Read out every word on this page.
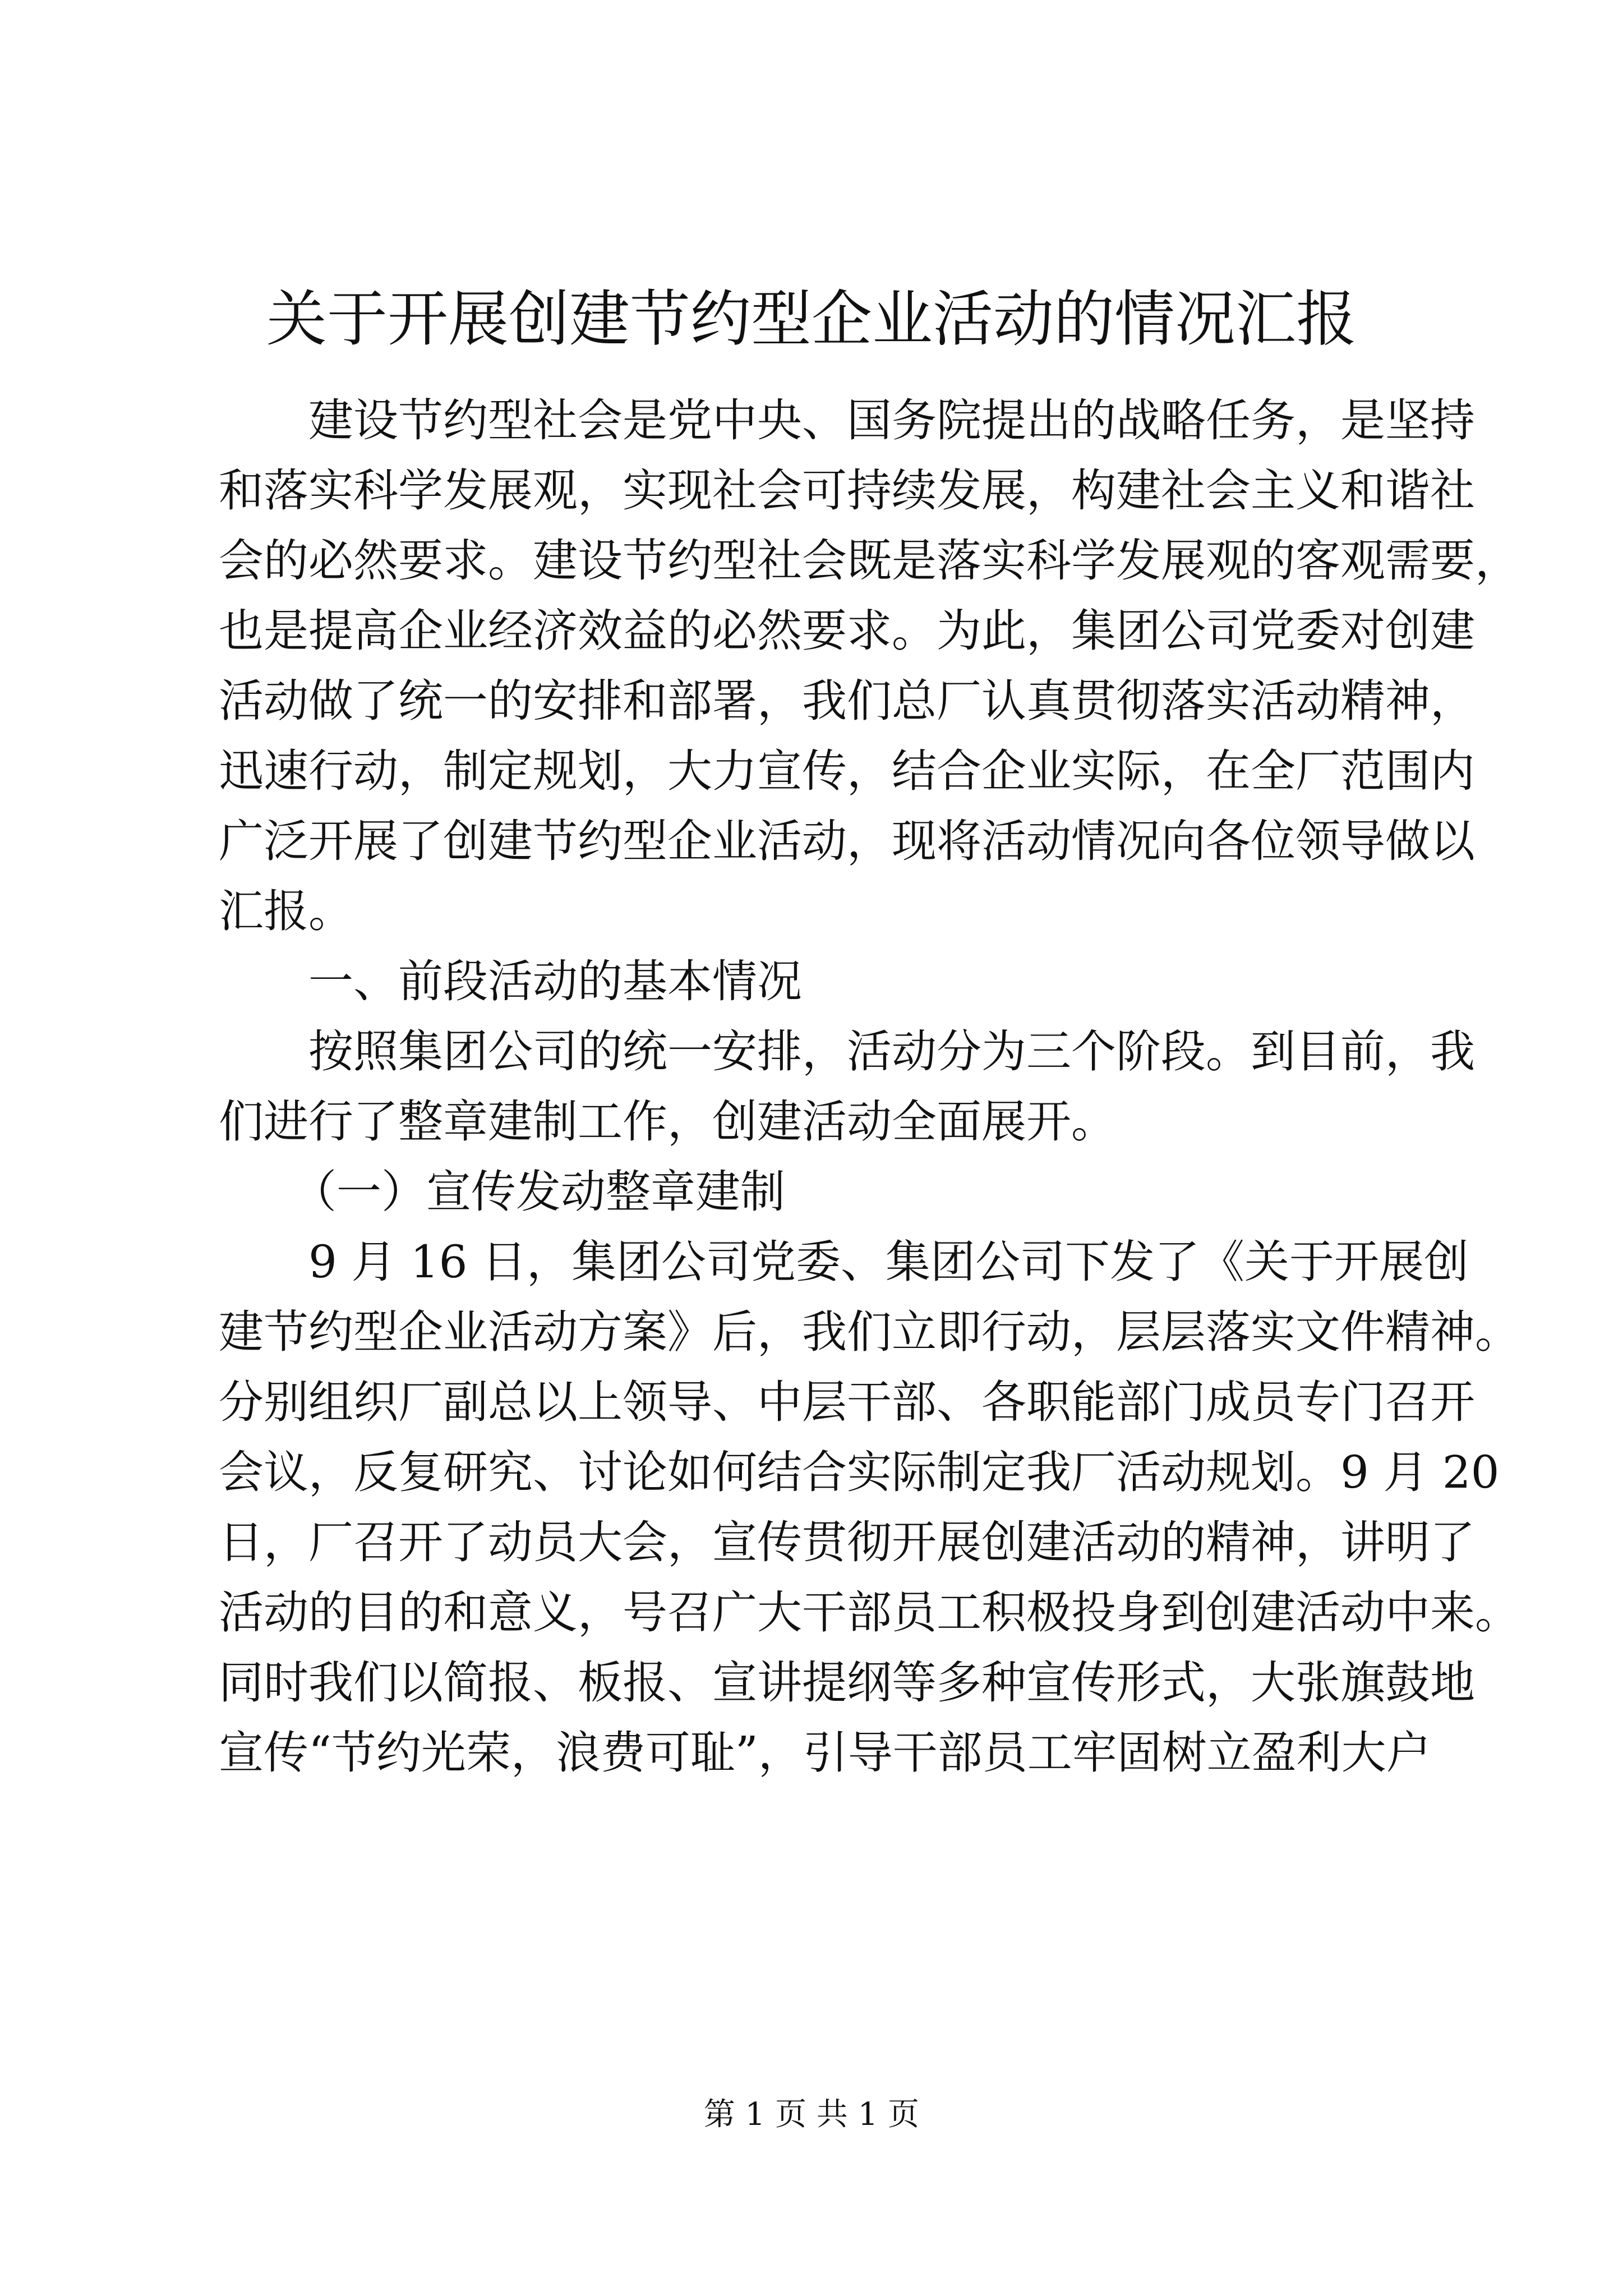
关于开展创建节约型企业活动的情况汇报

建设节约型社会是党中央、国务院提出的战略任务，是坚持

和落实科学发展观，实现社会可持续发展，构建社会主义和谐社

会的必然要求。建设节约型社会既是落实科学发展观的客观需要，

也是提高企业经济效益的必然要求。为此，集团公司党委对创建

活动做了统一的安排和部署，我们总厂认真贯彻落实活动精神，

迅速行动，制定规划，大力宣传，结合企业实际，在全厂范围内

广泛开展了创建节约型企业活动，现将活动情况向各位领导做以

汇报。

一、前段活动的基本情况

按照集团公司的统一安排，活动分为三个阶段。到目前，我

们进行了整章建制工作，创建活动全面展开。

（一）宣传发动整章建制

9 月 16 日，集团公司党委、集团公司下发了《关于开展创

建节约型企业活动方案》后，我们立即行动，层层落实文件精神。

分别组织厂副总以上领导、中层干部、各职能部门成员专门召开

会议，反复研究、讨论如何结合实际制定我厂活动规划。9 月 20

日，厂召开了动员大会，宣传贯彻开展创建活动的精神，讲明了

活动的目的和意义，号召广大干部员工积极投身到创建活动中来。

同时我们以简报、板报、宣讲提纲等多种宣传形式，大张旗鼓地

宣传“节约光荣，浪费可耻”，引导干部员工牢固树立盈利大户

第 1 页 共 1 页
